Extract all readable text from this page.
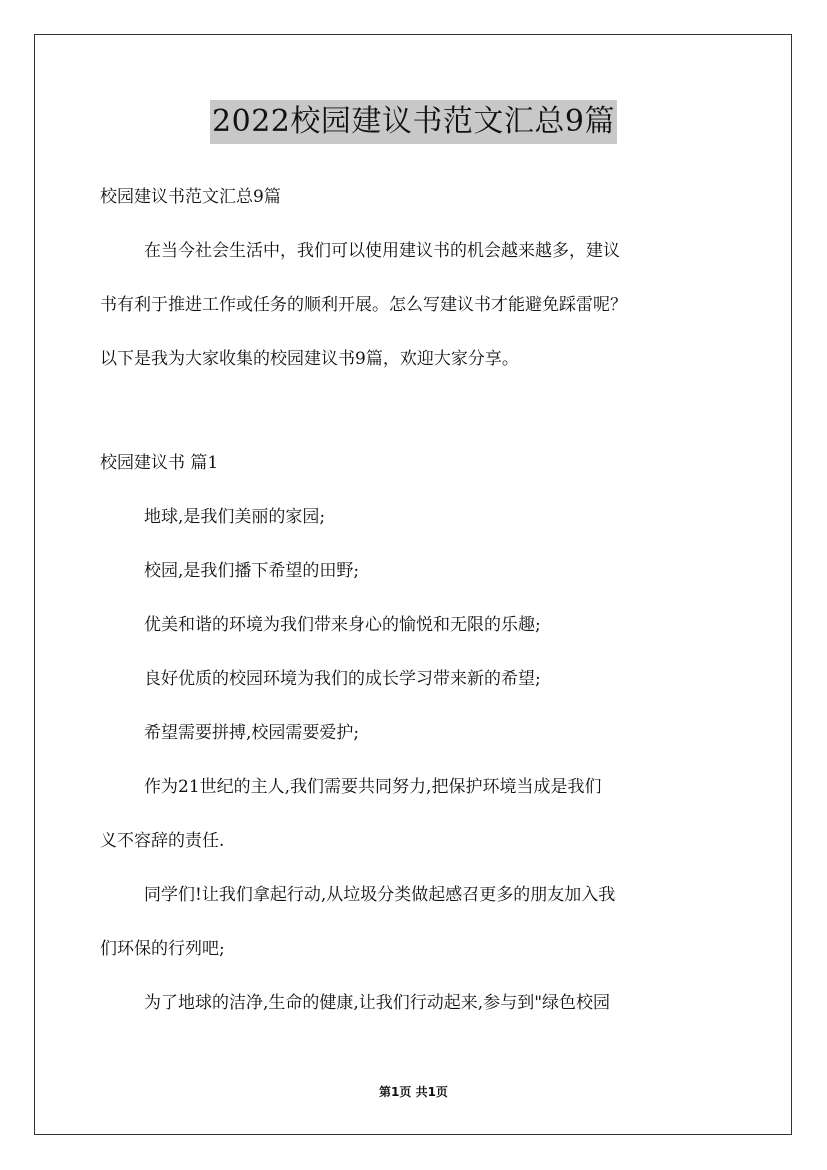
2022校园建议书范文汇总9篇
校园建议书范文汇总9篇
在当今社会生活中，我们可以使用建议书的机会越来越多，建议
书有利于推进工作或任务的顺利开展。怎么写建议书才能避免踩雷呢？
以下是我为大家收集的校园建议书9篇，欢迎大家分享。
校园建议书 篇1
地球,是我们美丽的家园;
校园,是我们播下希望的田野;
优美和谐的环境为我们带来身心的愉悦和无限的乐趣;
良好优质的校园环境为我们的成长学习带来新的希望;
希望需要拼搏,校园需要爱护;
作为21世纪的主人,我们需要共同努力,把保护环境当成是我们
义不容辞的责任.
同学们!让我们拿起行动,从垃圾分类做起感召更多的朋友加入我
们环保的行列吧;
为了地球的洁净,生命的健康,让我们行动起来,参与到"绿色校园
第1页 共1页
